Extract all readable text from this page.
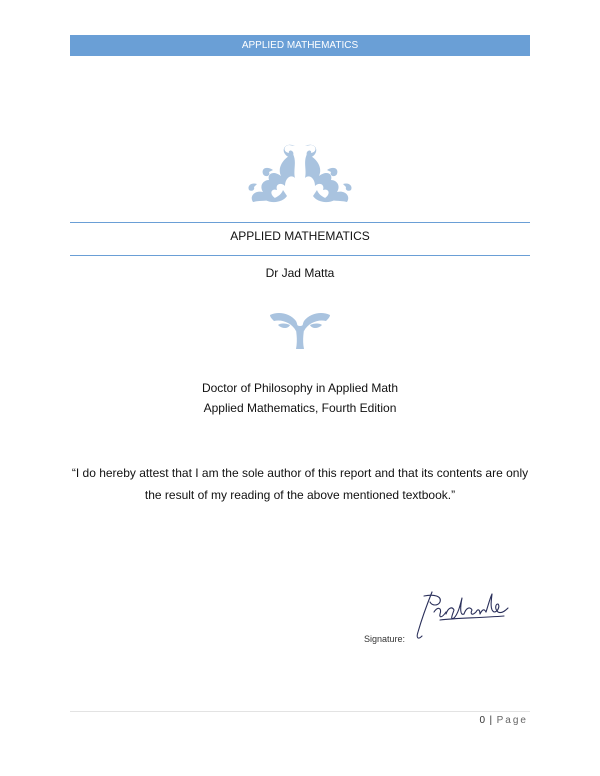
APPLIED MATHEMATICS
APPLIED MATHEMATICS
Dr Jad Matta
Doctor of Philosophy in Applied Math
Applied Mathematics, Fourth Edition
“I do hereby attest that I am the sole author of this report and that its contents are only
the result of my reading of the above mentioned textbook.”
Signature:
0 | Page
